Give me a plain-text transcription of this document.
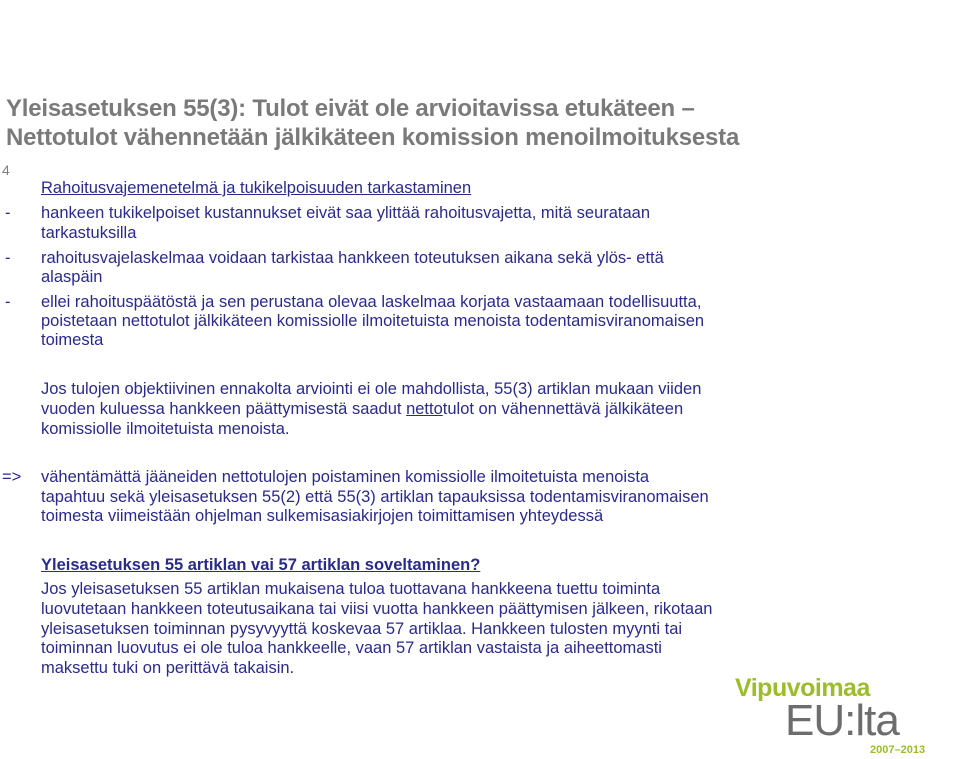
Yleisasetuksen 55(3): Tulot eivät ole arvioitavissa etukäteen –
Nettotulot vähennetään jälkikäteen komission menoilmoituksesta
4
Rahoitusvajemenetelmä ja tukikelpoisuuden tarkastaminen
-	hankeen tukikelpoiset kustannukset eivät saa ylittää rahoitusvajetta, mitä seurataan
tarkastuksilla
-	rahoitusvajelaskelmaa voidaan tarkistaa hankkeen toteutuksen aikana sekä ylös- että
alaspäin
-	ellei rahoituspäätöstä ja sen perustana olevaa laskelmaa korjata vastaamaan todellisuutta,
poistetaan nettotulot jälkikäteen komissiolle ilmoitetuista menoista todentamisviranomaisen
toimesta
Jos tulojen objektiivinen ennakolta arviointi ei ole mahdollista, 55(3) artiklan mukaan viiden
vuoden kuluessa hankkeen päättymisestä saadut nettotulot on vähennettävä jälkikäteen
komissiolle ilmoitetuista menoista.
=>	vähentämättä jääneiden nettotulojen poistaminen komissiolle ilmoitetuista menoista
tapahtuu sekä yleisasetuksen 55(2) että 55(3) artiklan tapauksissa todentamisviranomaisen
toimesta viimeistään ohjelman sulkemisasiakirjojen toimittamisen yhteydessä
Yleisasetuksen 55 artiklan vai 57 artiklan soveltaminen?
Jos yleisasetuksen 55 artiklan mukaisena tuloa tuottavana hankkeena tuettu toiminta
luovutetaan hankkeen toteutusaikana tai viisi vuotta hankkeen päättymisen jälkeen, rikotaan
yleisasetuksen toiminnan pysyvyyttä koskevaa 57 artiklaa. Hankkeen tulosten myynti tai
toiminnan luovutus ei ole tuloa hankkeelle, vaan 57 artiklan vastaista ja aiheettomasti
maksettu tuki on perittävä takaisin.
Vipuvoimaa
EU:lta
2007–2013
